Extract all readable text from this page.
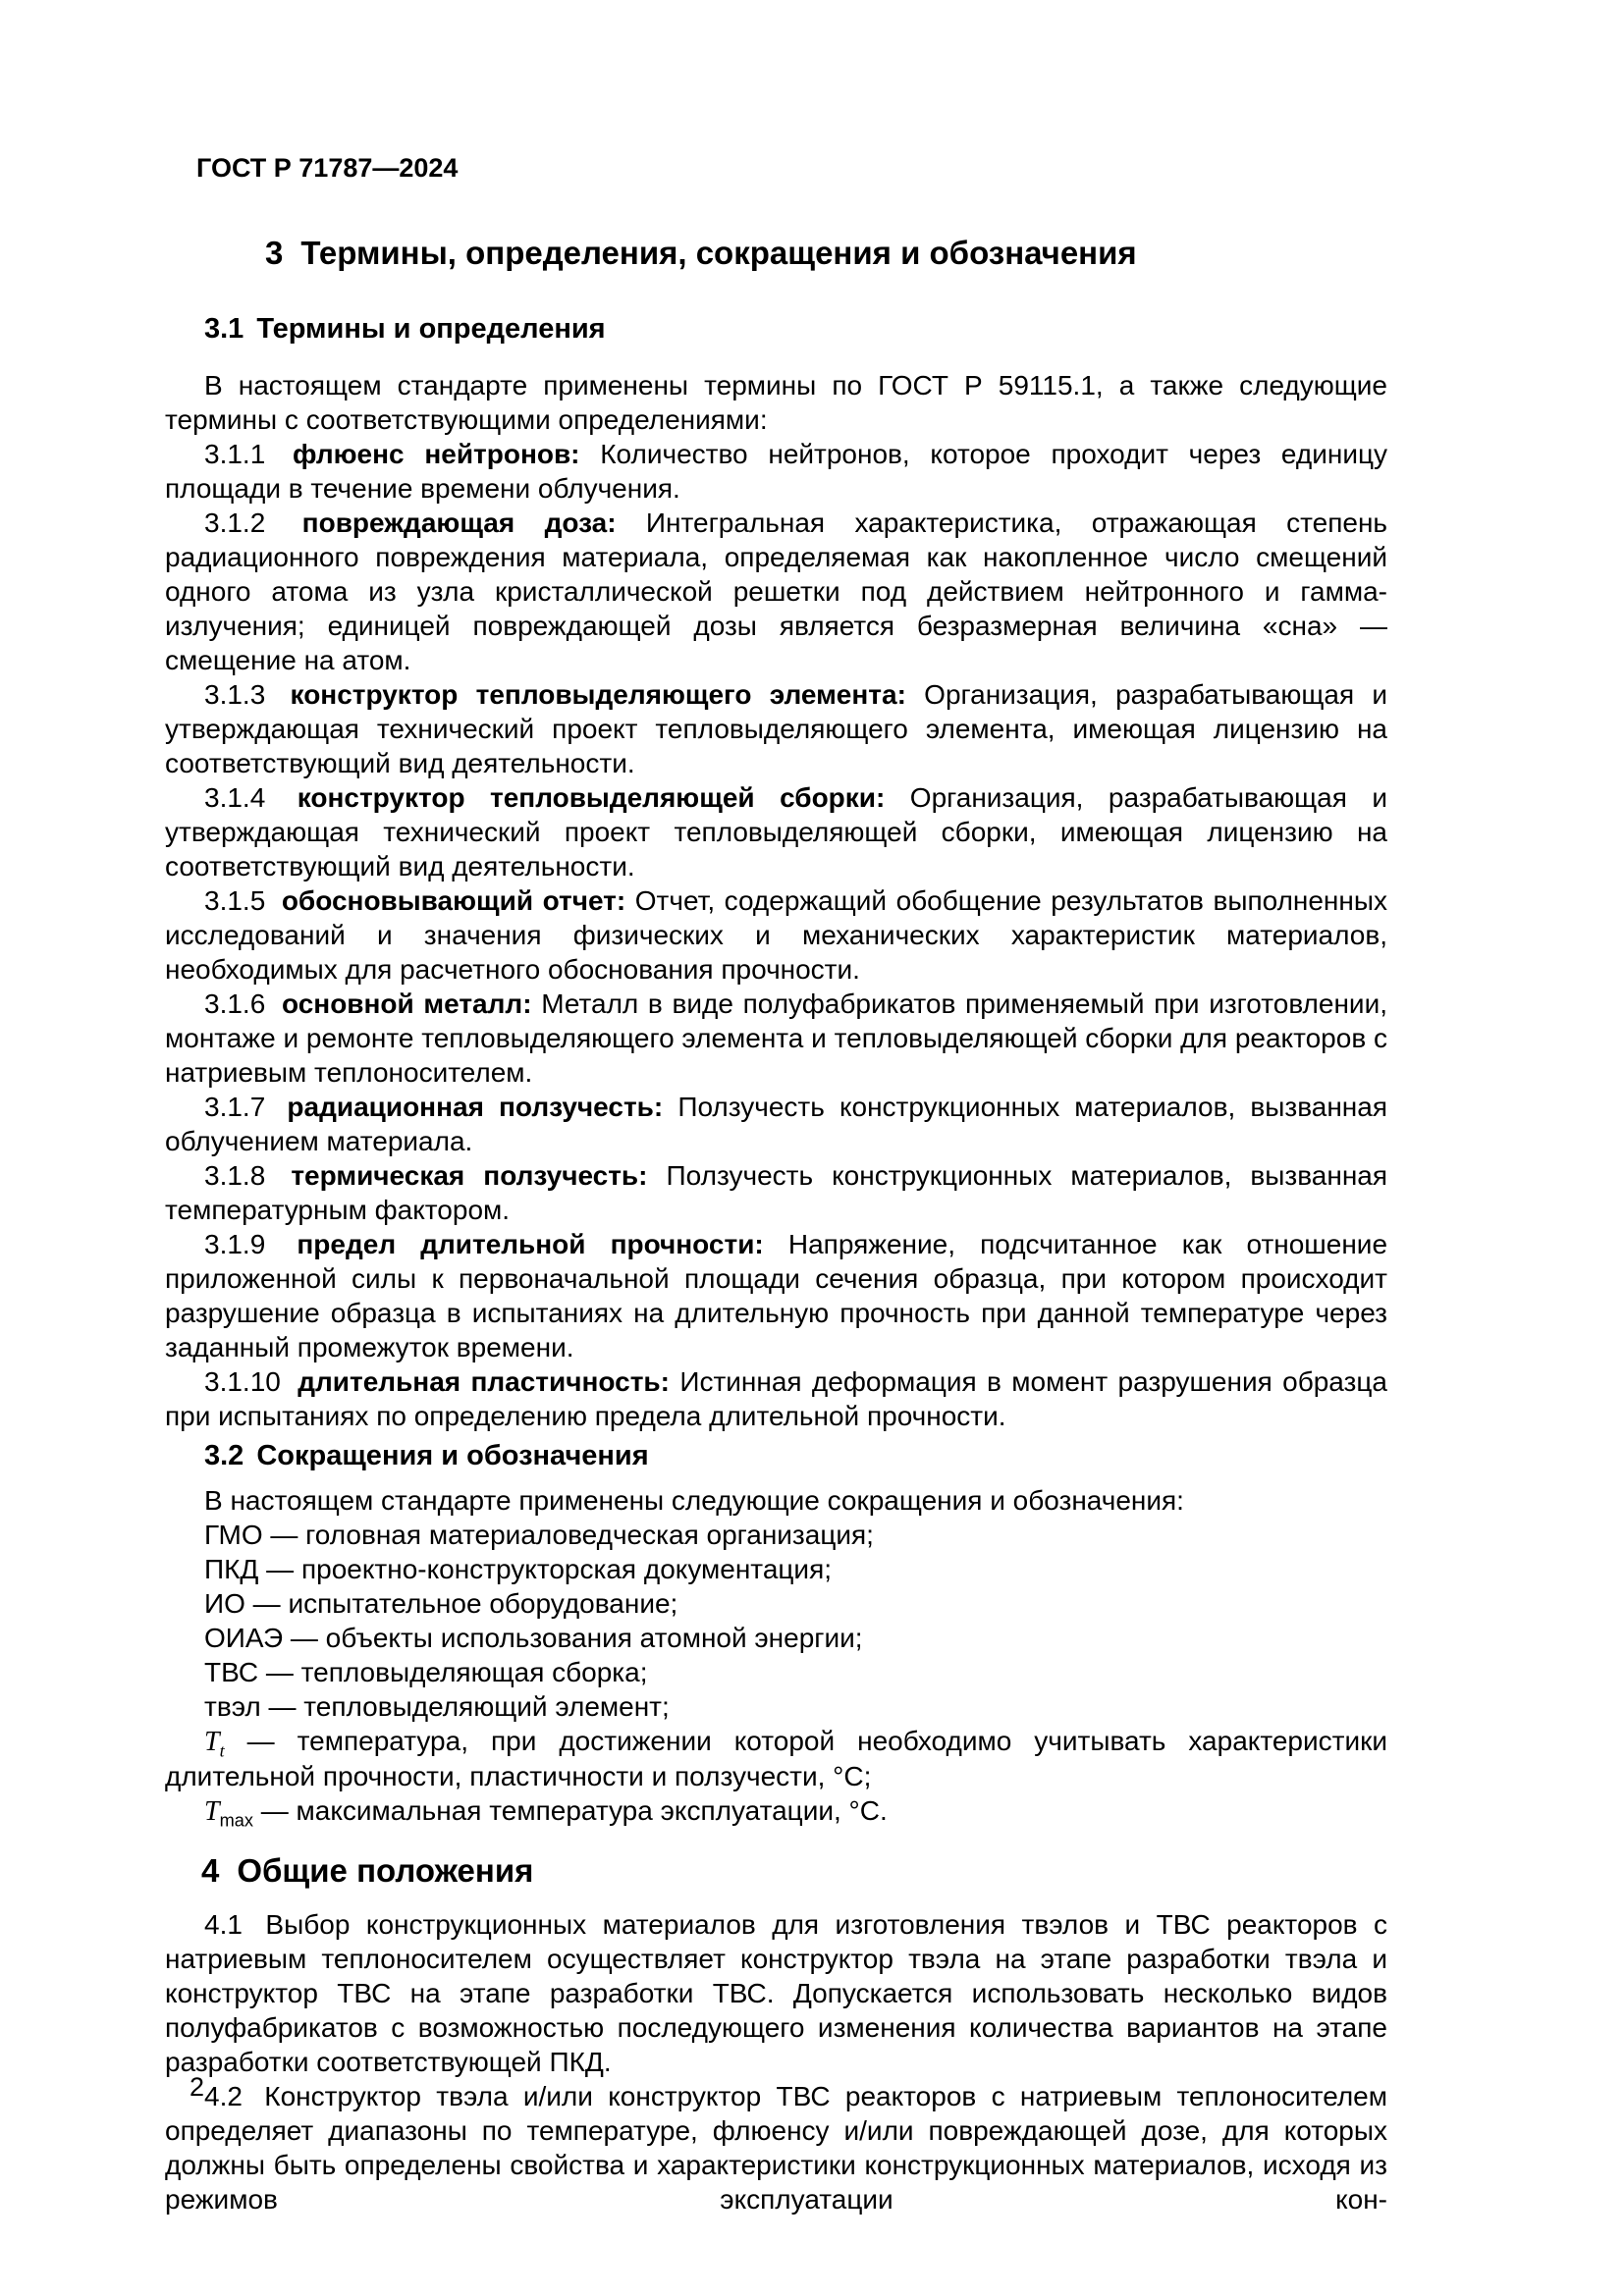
ГОСТ Р 71787—2024
3 Термины, определения, сокращения и обозначения
3.1 Термины и определения

В настоящем стандарте применены термины по ГОСТ Р 59115.1, а также следующие термины с соответствующими определениями:

3.1.1 флюенс нейтронов: Количество нейтронов, которое проходит через единицу площади в течение времени облучения.

3.1.2 повреждающая доза: Интегральная характеристика, отражающая степень радиационного повреждения материала, определяемая как накопленное число смещений одного атома из узла кристаллической решетки под действием нейтронного и гамма-излучения; единицей повреждающей дозы является безразмерная величина «сна» — смещение на атом.

3.1.3 конструктор тепловыделяющего элемента: Организация, разрабатывающая и утверждающая технический проект тепловыделяющего элемента, имеющая лицензию на соответствующий вид деятельности.

3.1.4 конструктор тепловыделяющей сборки: Организация, разрабатывающая и утверждающая технический проект тепловыделяющей сборки, имеющая лицензию на соответствующий вид деятельности.

3.1.5 обосновывающий отчет: Отчет, содержащий обобщение результатов выполненных исследований и значения физических и механических характеристик материалов, необходимых для расчетного обоснования прочности.

3.1.6 основной металл: Металл в виде полуфабрикатов применяемый при изготовлении, монтаже и ремонте тепловыделяющего элемента и тепловыделяющей сборки для реакторов с натриевым теплоносителем.

3.1.7 радиационная ползучесть: Ползучесть конструкционных материалов, вызванная облучением материала.

3.1.8 термическая ползучесть: Ползучесть конструкционных материалов, вызванная температурным фактором.

3.1.9 предел длительной прочности: Напряжение, подсчитанное как отношение приложенной силы к первоначальной площади сечения образца, при котором происходит разрушение образца в испытаниях на длительную прочность при данной температуре через заданный промежуток времени.

3.1.10 длительная пластичность: Истинная деформация в момент разрушения образца при испытаниях по определению предела длительной прочности.

3.2 Сокращения и обозначения

В настоящем стандарте применены следующие сокращения и обозначения:

ГМО — головная материаловедческая организация;

ПКД — проектно-конструкторская документация;

ИО — испытательное оборудование;

ОИАЭ — объекты использования атомной энергии;

ТВС — тепловыделяющая сборка;

твэл — тепловыделяющий элемент;

$T_t$ — температура, при достижении которой необходимо учитывать характеристики длительной прочности, пластичности и ползучести, °С;

$T_{max}$ — максимальная температура эксплуатации, °С.

4 Общие положения

4.1 Выбор конструкционных материалов для изготовления твэлов и ТВС реакторов с натриевым теплоносителем осуществляет конструктор твэла на этапе разработки твэла и конструктор ТВС на этапе разработки ТВС. Допускается использовать несколько видов полуфабрикатов с возможностью последующего изменения количества вариантов на этапе разработки соответствующей ПКД.

4.2 Конструктор твэла и/или конструктор ТВС реакторов с натриевым теплоносителем определяет диапазоны по температуре, флюенсу и/или повреждающей дозе, для которых должны быть определены свойства и характеристики конструкционных материалов, исходя из режимов эксплуатации кон-

2
